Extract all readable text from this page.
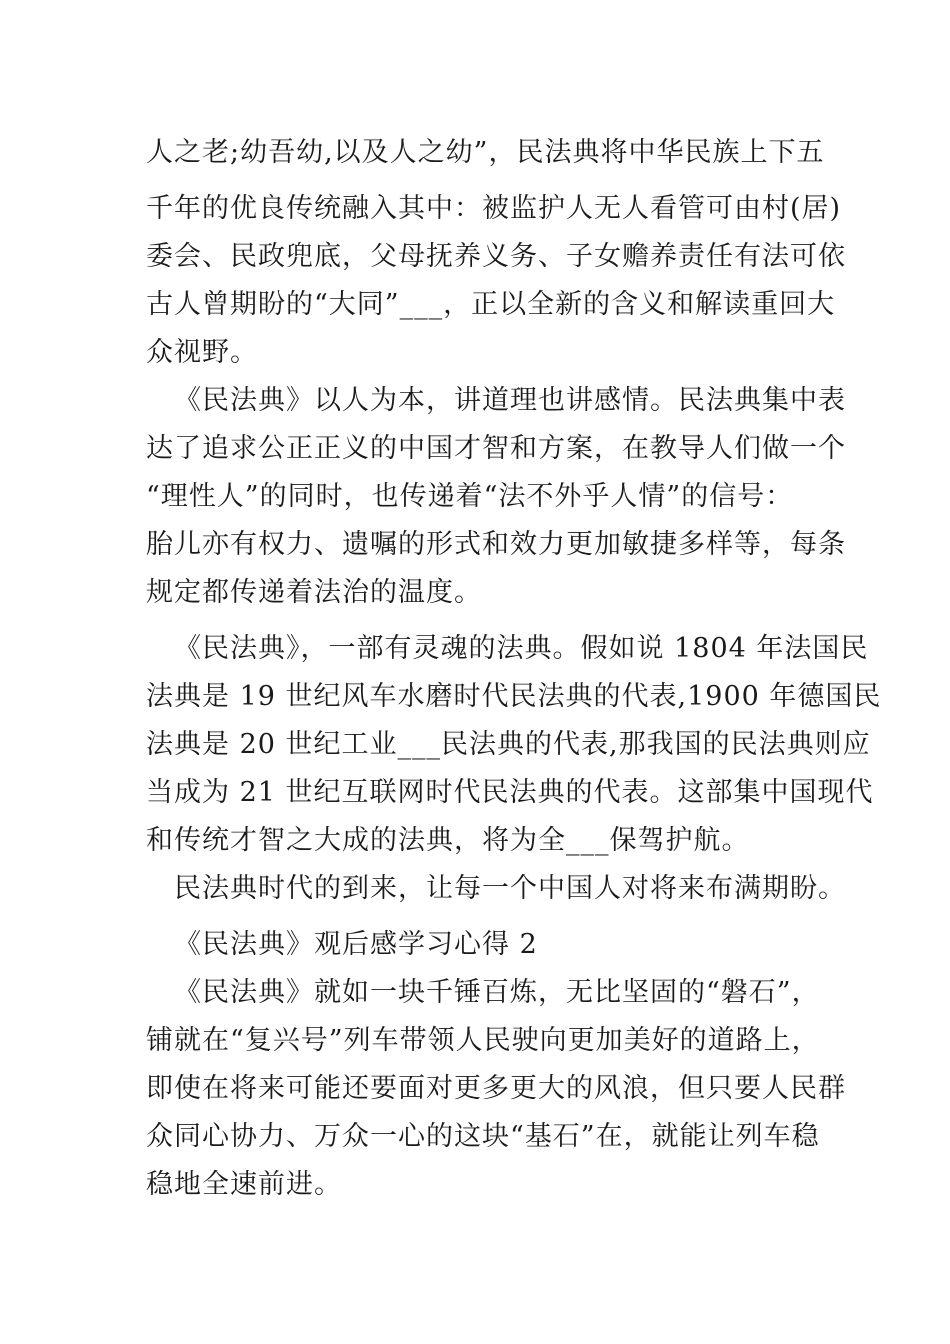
人之老;幼吾幼,以及人之幼”，民法典将中华民族上下五
千年的优良传统融入其中：被监护人无人看管可由村(居)
委会、民政兜底，父母抚养义务、子女赡养责任有法可依
古人曾期盼的“大同”___，正以全新的含义和解读重回大
众视野。
《民法典》以人为本，讲道理也讲感情。民法典集中表
达了追求公正正义的中国才智和方案，在教导人们做一个
“理性人”的同时，也传递着“法不外乎人情”的信号：
胎儿亦有权力、遗嘱的形式和效力更加敏捷多样等，每条
规定都传递着法治的温度。
《民法典》，一部有灵魂的法典。假如说 1804 年法国民
法典是 19 世纪风车水磨时代民法典的代表,1900 年德国民
法典是 20 世纪工业___民法典的代表,那我国的民法典则应
当成为 21 世纪互联网时代民法典的代表。这部集中国现代
和传统才智之大成的法典，将为全___保驾护航。
民法典时代的到来，让每一个中国人对将来布满期盼。
《民法典》观后感学习心得 2
《民法典》就如一块千锤百炼，无比坚固的“磐石”，
铺就在“复兴号”列车带领人民驶向更加美好的道路上，
即使在将来可能还要面对更多更大的风浪，但只要人民群
众同心协力、万众一心的这块“基石”在，就能让列车稳
稳地全速前进。
